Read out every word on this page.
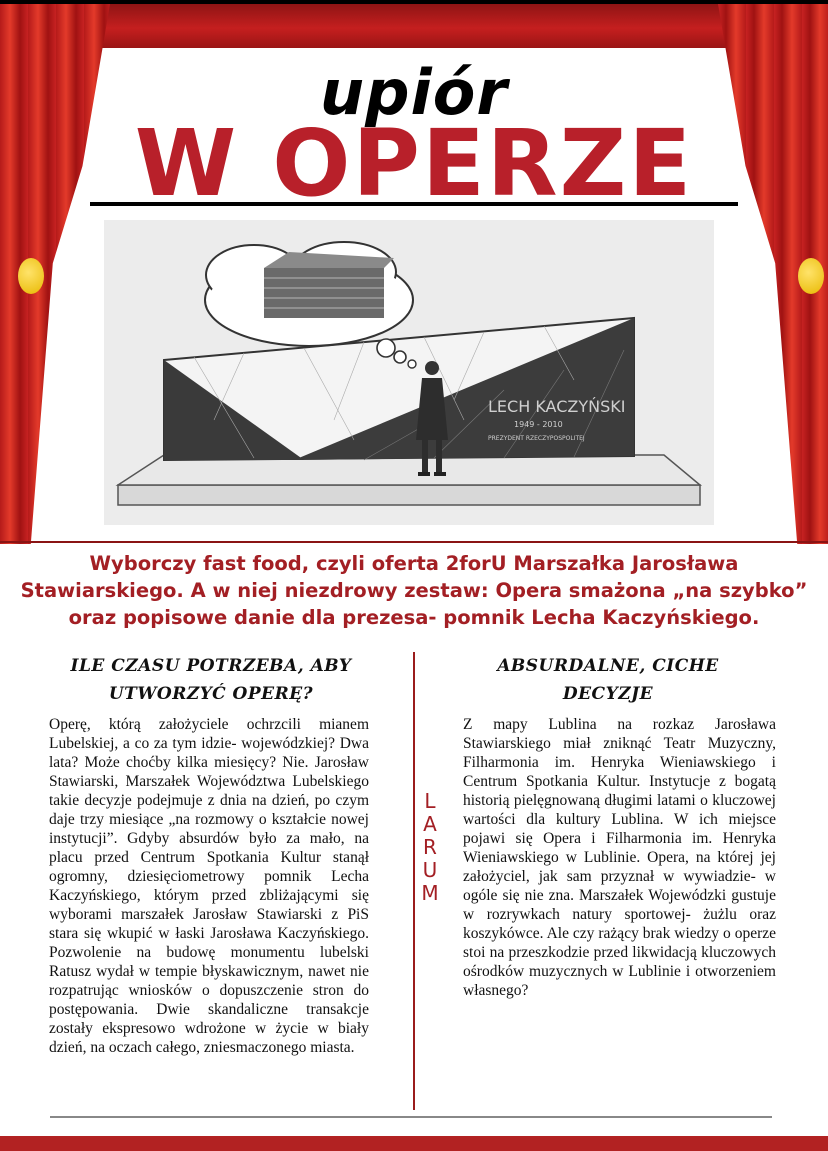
upiór
W OPERZE
LECH KACZYŃSKI
1949 - 2010
PREZYDENT RZECZYPOSPOLITEJ
Wyborczy fast food, czyli oferta 2forU Marszałka Jarosława Stawiarskiego. A w niej niezdrowy zestaw: Opera smażona „na szybko” oraz popisowe danie dla prezesa- pomnik Lecha Kaczyńskiego.
ILE CZASU POTRZEBA, ABY UTWORZYĆ OPERĘ?
Operę, którą założyciele ochrzcili mianem Lubelskiej, a co za tym idzie- wojewódzkiej? Dwa lata? Może choćby kilka miesięcy? Nie. Jarosław Stawiarski, Marszałek Województwa Lubelskiego takie decyzje podejmuje z dnia na dzień, po czym daje trzy miesiące „na rozmowy o kształcie nowej instytucji”. Gdyby absurdów było za mało, na placu przed Centrum Spotkania Kultur stanął ogromny, dziesięciometrowy pomnik Lecha Kaczyńskiego, którym przed zbliżającymi się wyborami marszałek Jarosław Stawiarski z PiS stara się wkupić w łaski Jarosława Kaczyńskiego. Pozwolenie na budowę monumentu lubelski Ratusz wydał w tempie błyskawicznym, nawet nie rozpatrując wniosków o dopuszczenie stron do postępowania. Dwie skandaliczne transakcje zostały ekspresowo wdrożone w życie w biały dzień, na oczach całego, zniesmaczonego miasta.
L
A
R
U
M
ABSURDALNE, CICHE DECYZJE
Z mapy Lublina na rozkaz Jarosława Stawiarskiego miał zniknąć Teatr Muzyczny, Filharmonia im. Henryka Wieniawskiego i Centrum Spotkania Kultur. Instytucje z bogatą historią pielęgnowaną długimi latami o kluczowej wartości dla kultury Lublina. W ich miejsce pojawi się Opera i Filharmonia im. Henryka Wieniawskiego w Lublinie. Opera, na której jej założyciel, jak sam przyznał w wywiadzie- w ogóle się nie zna. Marszałek Wojewódzki gustuje w rozrywkach natury sportowej- żużlu oraz koszykówce. Ale czy rażący brak wiedzy o operze stoi na przeszkodzie przed likwidacją kluczowych ośrodków muzycznych w Lublinie i otworzeniem własnego?
